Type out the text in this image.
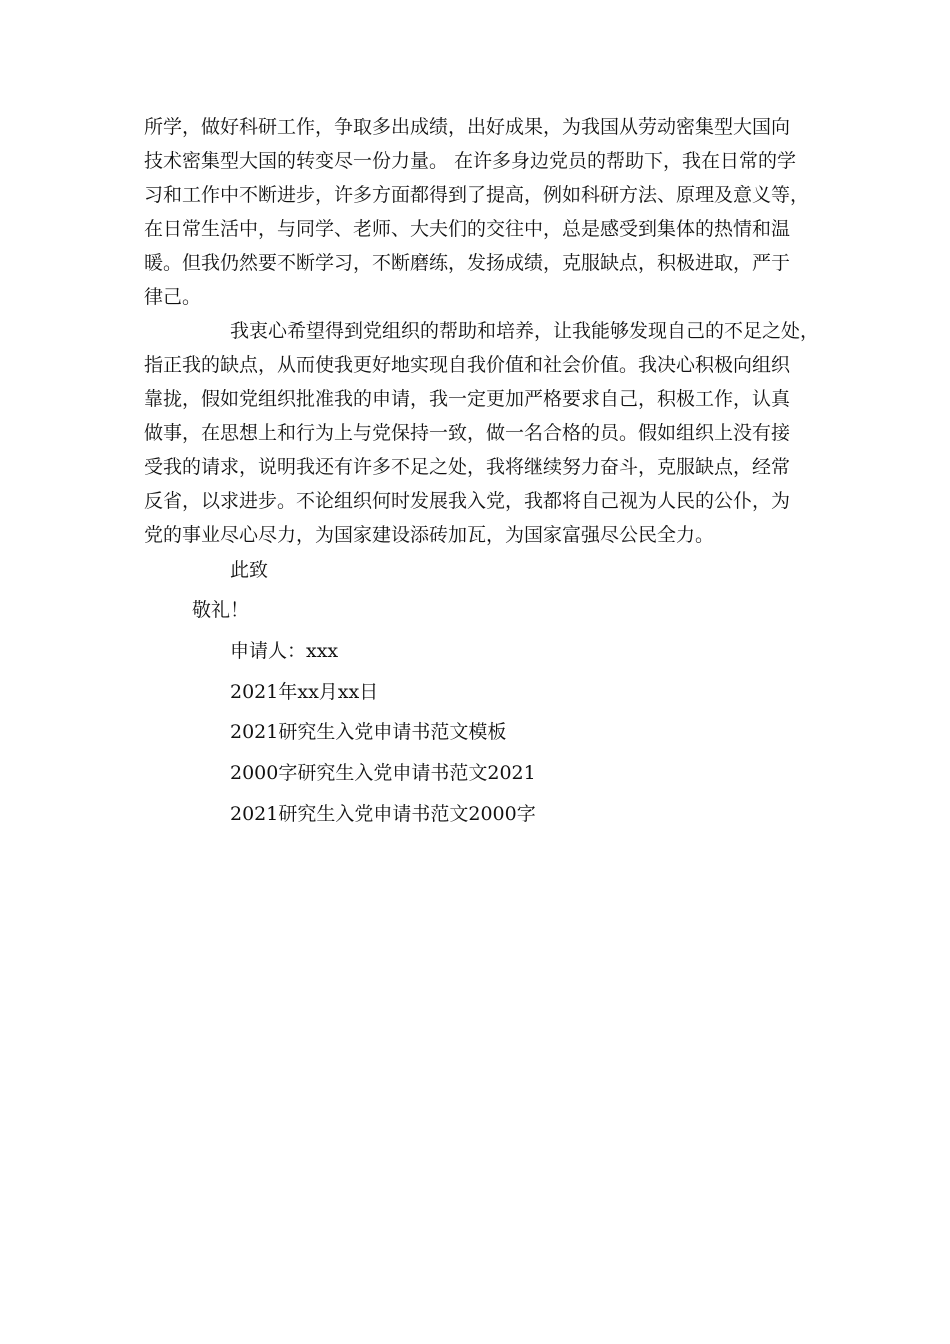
所学，做好科研工作，争取多出成绩，出好成果，为我国从劳动密集型大国向
技术密集型大国的转变尽一份力量。 在许多身边党员的帮助下，我在日常的学
习和工作中不断进步，许多方面都得到了提高，例如科研方法、原理及意义等，
在日常生活中，与同学、老师、大夫们的交往中，总是感受到集体的热情和温
暖。但我仍然要不断学习，不断磨练，发扬成绩，克服缺点，积极进取，严于
律己。
我衷心希望得到党组织的帮助和培养，让我能够发现自己的不足之处，
指正我的缺点，从而使我更好地实现自我价值和社会价值。我决心积极向组织
靠拢，假如党组织批准我的申请，我一定更加严格要求自己，积极工作，认真
做事，在思想上和行为上与党保持一致，做一名合格的员。假如组织上没有接
受我的请求，说明我还有许多不足之处，我将继续努力奋斗，克服缺点，经常
反省，以求进步。不论组织何时发展我入党，我都将自己视为人民的公仆，为
党的事业尽心尽力，为国家建设添砖加瓦，为国家富强尽公民全力。
此致
敬礼！
申请人：xxx
2021年xx月xx日
2021研究生入党申请书范文模板
2000字研究生入党申请书范文2021
2021研究生入党申请书范文2000字
